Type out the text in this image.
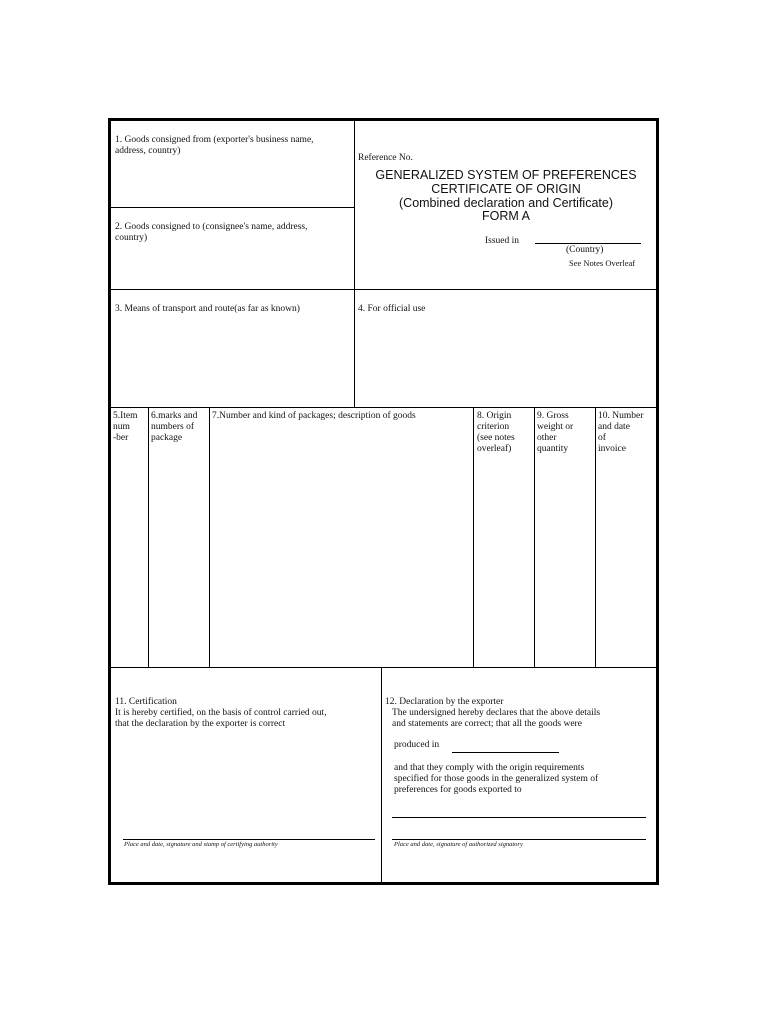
1. Goods consigned from (exporter's business name,
address, country)
2. Goods consigned to (consignee's name, address,
country)
Reference No.
GENERALIZED SYSTEM OF PREFERENCES
CERTIFICATE OF ORIGIN
(Combined declaration and Certificate)
FORM A
Issued in
(Country)
See Notes Overleaf
3. Means of transport and route(as far as known)	4. For official use
5.Item
num
-ber
6.marks and
numbers of
package
7.Number and kind of packages; description of goods	8. Origin
criterion
(see notes
overleaf)
9. Gross
weight or
other
quantity
10. Number
and date
of
invoice
11. Certification
It is hereby certified, on the basis of control carried out,
that the declaration by the exporter is correct
Place and date, signature and stamp of certifying authority
12. Declaration by the exporter
The undersigned hereby declares that the above details
and statements are correct; that all the goods were
produced in
and that they comply with the origin requirements
specified for those goods in the generalized system of
preferences for goods exported to
Place and date, signature of authorized signatory
